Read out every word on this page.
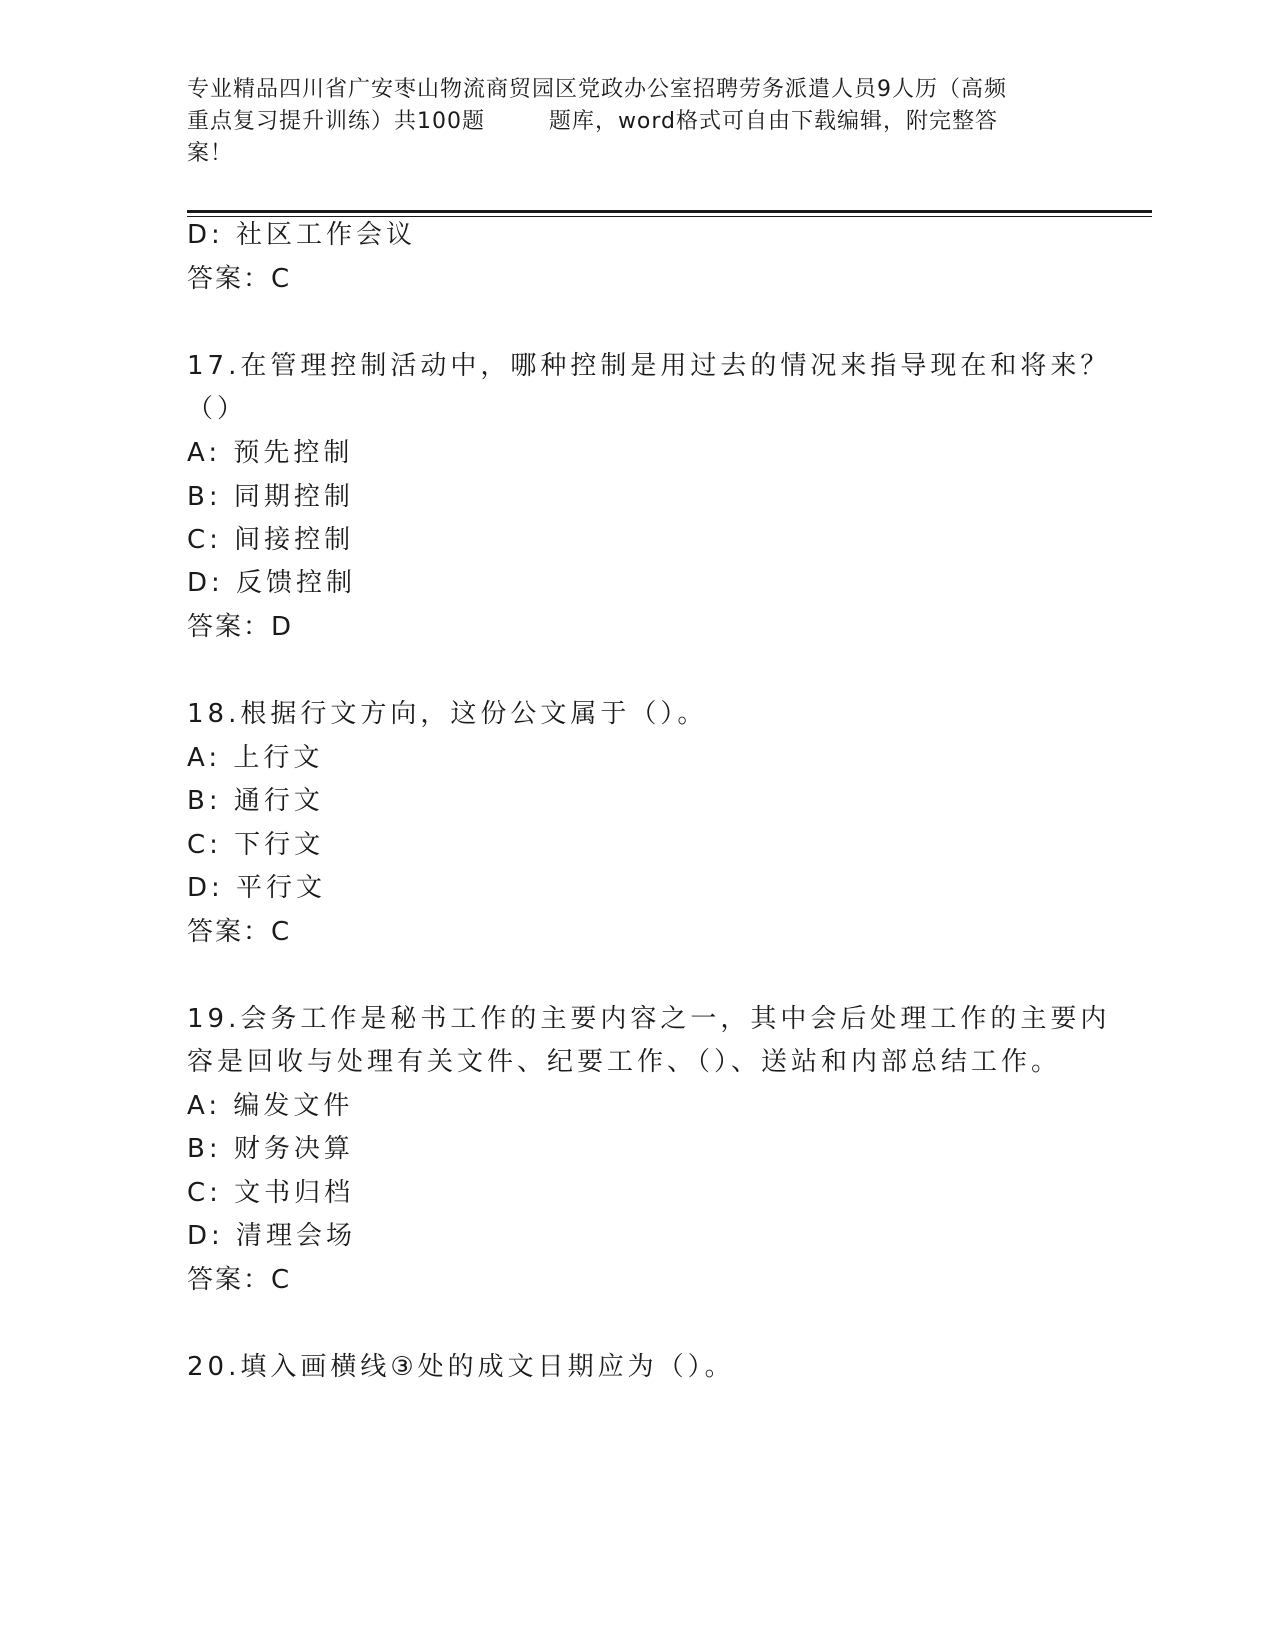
专业精品四川省广安枣山物流商贸园区党政办公室招聘劳务派遣人员9人历（高频
重点复习提升训练）共100题        题库，word格式可自由下载编辑，附完整答
案！
D: 社区工作会议
答案：C
17.在管理控制活动中，哪种控制是用过去的情况来指导现在和将来？
（）
A: 预先控制
B: 同期控制
C: 间接控制
D: 反馈控制
答案：D
18.根据行文方向，这份公文属于（）。
A: 上行文
B: 通行文
C: 下行文
D: 平行文
答案：C
19.会务工作是秘书工作的主要内容之一，其中会后处理工作的主要内
容是回收与处理有关文件、纪要工作、（）、送站和内部总结工作。
A: 编发文件
B: 财务决算
C: 文书归档
D: 清理会场
答案：C
20.填入画横线③处的成文日期应为（）。
